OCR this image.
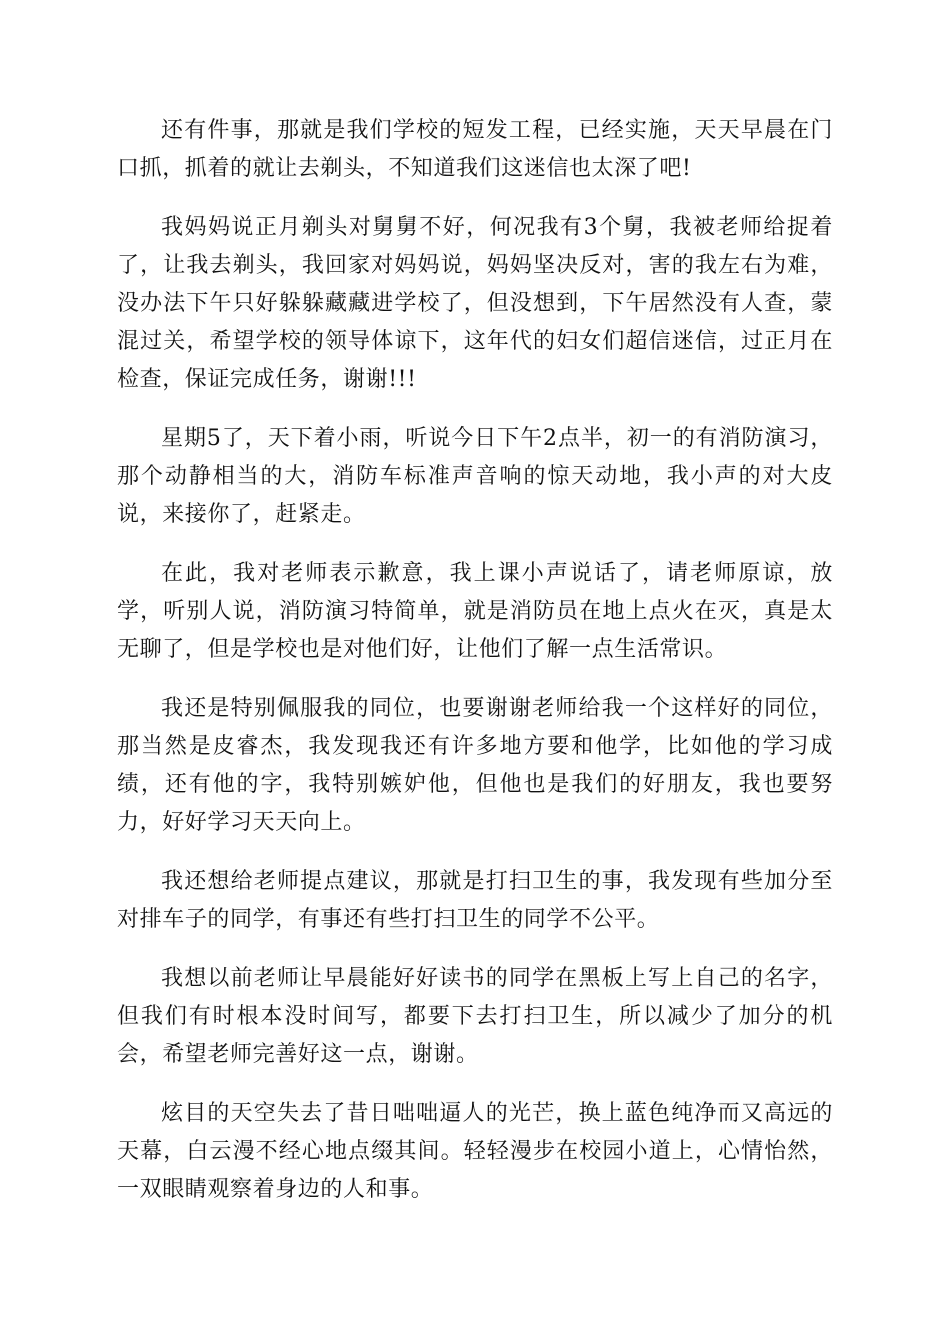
还有件事，那就是我们学校的短发工程，已经实施，天天早晨在门口抓，抓着的就让去剃头，不知道我们这迷信也太深了吧!

我妈妈说正月剃头对舅舅不好，何况我有3个舅，我被老师给捉着了，让我去剃头，我回家对妈妈说，妈妈坚决反对，害的我左右为难，没办法下午只好躲躲藏藏进学校了，但没想到，下午居然没有人查，蒙混过关，希望学校的领导体谅下，这年代的妇女们超信迷信，过正月在检查，保证完成任务，谢谢!!!

星期5了，天下着小雨，听说今日下午2点半，初一的有消防演习，那个动静相当的大，消防车标准声音响的惊天动地，我小声的对大皮说，来接你了，赶紧走。

在此，我对老师表示歉意，我上课小声说话了，请老师原谅，放学，听别人说，消防演习特简单，就是消防员在地上点火在灭，真是太无聊了，但是学校也是对他们好，让他们了解一点生活常识。

我还是特别佩服我的同位，也要谢谢老师给我一个这样好的同位，那当然是皮睿杰，我发现我还有许多地方要和他学，比如他的学习成绩，还有他的字，我特别嫉妒他，但他也是我们的好朋友，我也要努力，好好学习天天向上。

我还想给老师提点建议，那就是打扫卫生的事，我发现有些加分至对排车子的同学，有事还有些打扫卫生的同学不公平。

我想以前老师让早晨能好好读书的同学在黑板上写上自己的名字，但我们有时根本没时间写，都要下去打扫卫生，所以减少了加分的机会，希望老师完善好这一点，谢谢。

炫目的天空失去了昔日咄咄逼人的光芒，换上蓝色纯净而又高远的天幕，白云漫不经心地点缀其间。轻轻漫步在校园小道上，心情怡然，一双眼睛观察着身边的人和事。
